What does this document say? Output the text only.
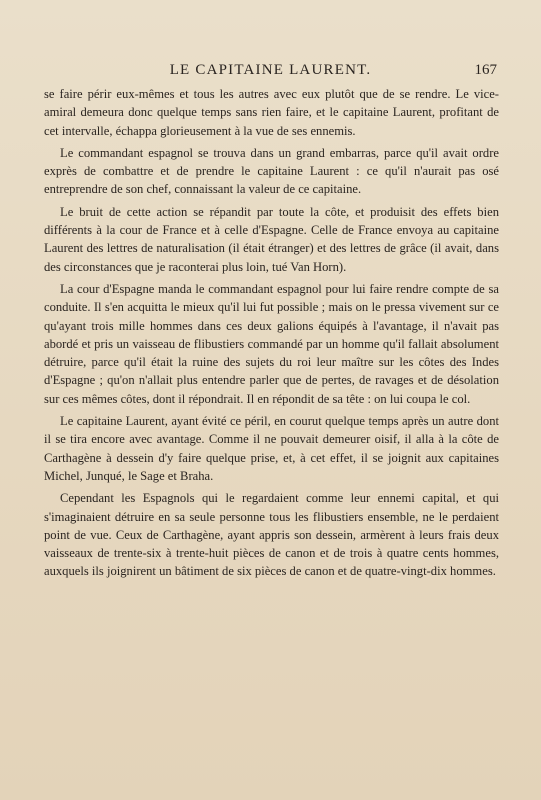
LE CAPITAINE LAURENT.	167

se faire périr eux-mêmes et tous les autres avec eux plutôt que de se rendre. Le vice-amiral demeura donc quelque temps sans rien faire, et le capitaine Laurent, profitant de cet intervalle, échappa glorieusement à la vue de ses ennemis.

Le commandant espagnol se trouva dans un grand embarras, parce qu'il avait ordre exprès de combattre et de prendre le capitaine Laurent : ce qu'il n'aurait pas osé entreprendre de son chef, connaissant la valeur de ce capitaine.

Le bruit de cette action se répandit par toute la côte, et produisit des effets bien différents à la cour de France et à celle d'Espagne. Celle de France envoya au capitaine Laurent des lettres de naturalisation (il était étranger) et des lettres de grâce (il avait, dans des circonstances que je raconterai plus loin, tué Van Horn).

La cour d'Espagne manda le commandant espagnol pour lui faire rendre compte de sa conduite. Il s'en acquitta le mieux qu'il lui fut possible ; mais on le pressa vivement sur ce qu'ayant trois mille hommes dans ces deux galions équipés à l'avantage, il n'avait pas abordé et pris un vaisseau de flibustiers commandé par un homme qu'il fallait absolument détruire, parce qu'il était la ruine des sujets du roi leur maître sur les côtes des Indes d'Espagne ; qu'on n'allait plus entendre parler que de pertes, de ravages et de désolation sur ces mêmes côtes, dont il répondrait. Il en répondit de sa tête : on lui coupa le col.

Le capitaine Laurent, ayant évité ce péril, en courut quelque temps après un autre dont il se tira encore avec avantage. Comme il ne pouvait demeurer oisif, il alla à la côte de Carthagène à dessein d'y faire quelque prise, et, à cet effet, il se joignit aux capitaines Michel, Junqué, le Sage et Braha.

Cependant les Espagnols qui le regardaient comme leur ennemi capital, et qui s'imaginaient détruire en sa seule personne tous les flibustiers ensemble, ne le perdaient point de vue. Ceux de Carthagène, ayant appris son dessein, armèrent à leurs frais deux vaisseaux de trente-six à trente-huit pièces de canon et de trois à quatre cents hommes, auxquels ils joignirent un bâtiment de six pièces de canon et de quatre-vingt-dix hommes.
